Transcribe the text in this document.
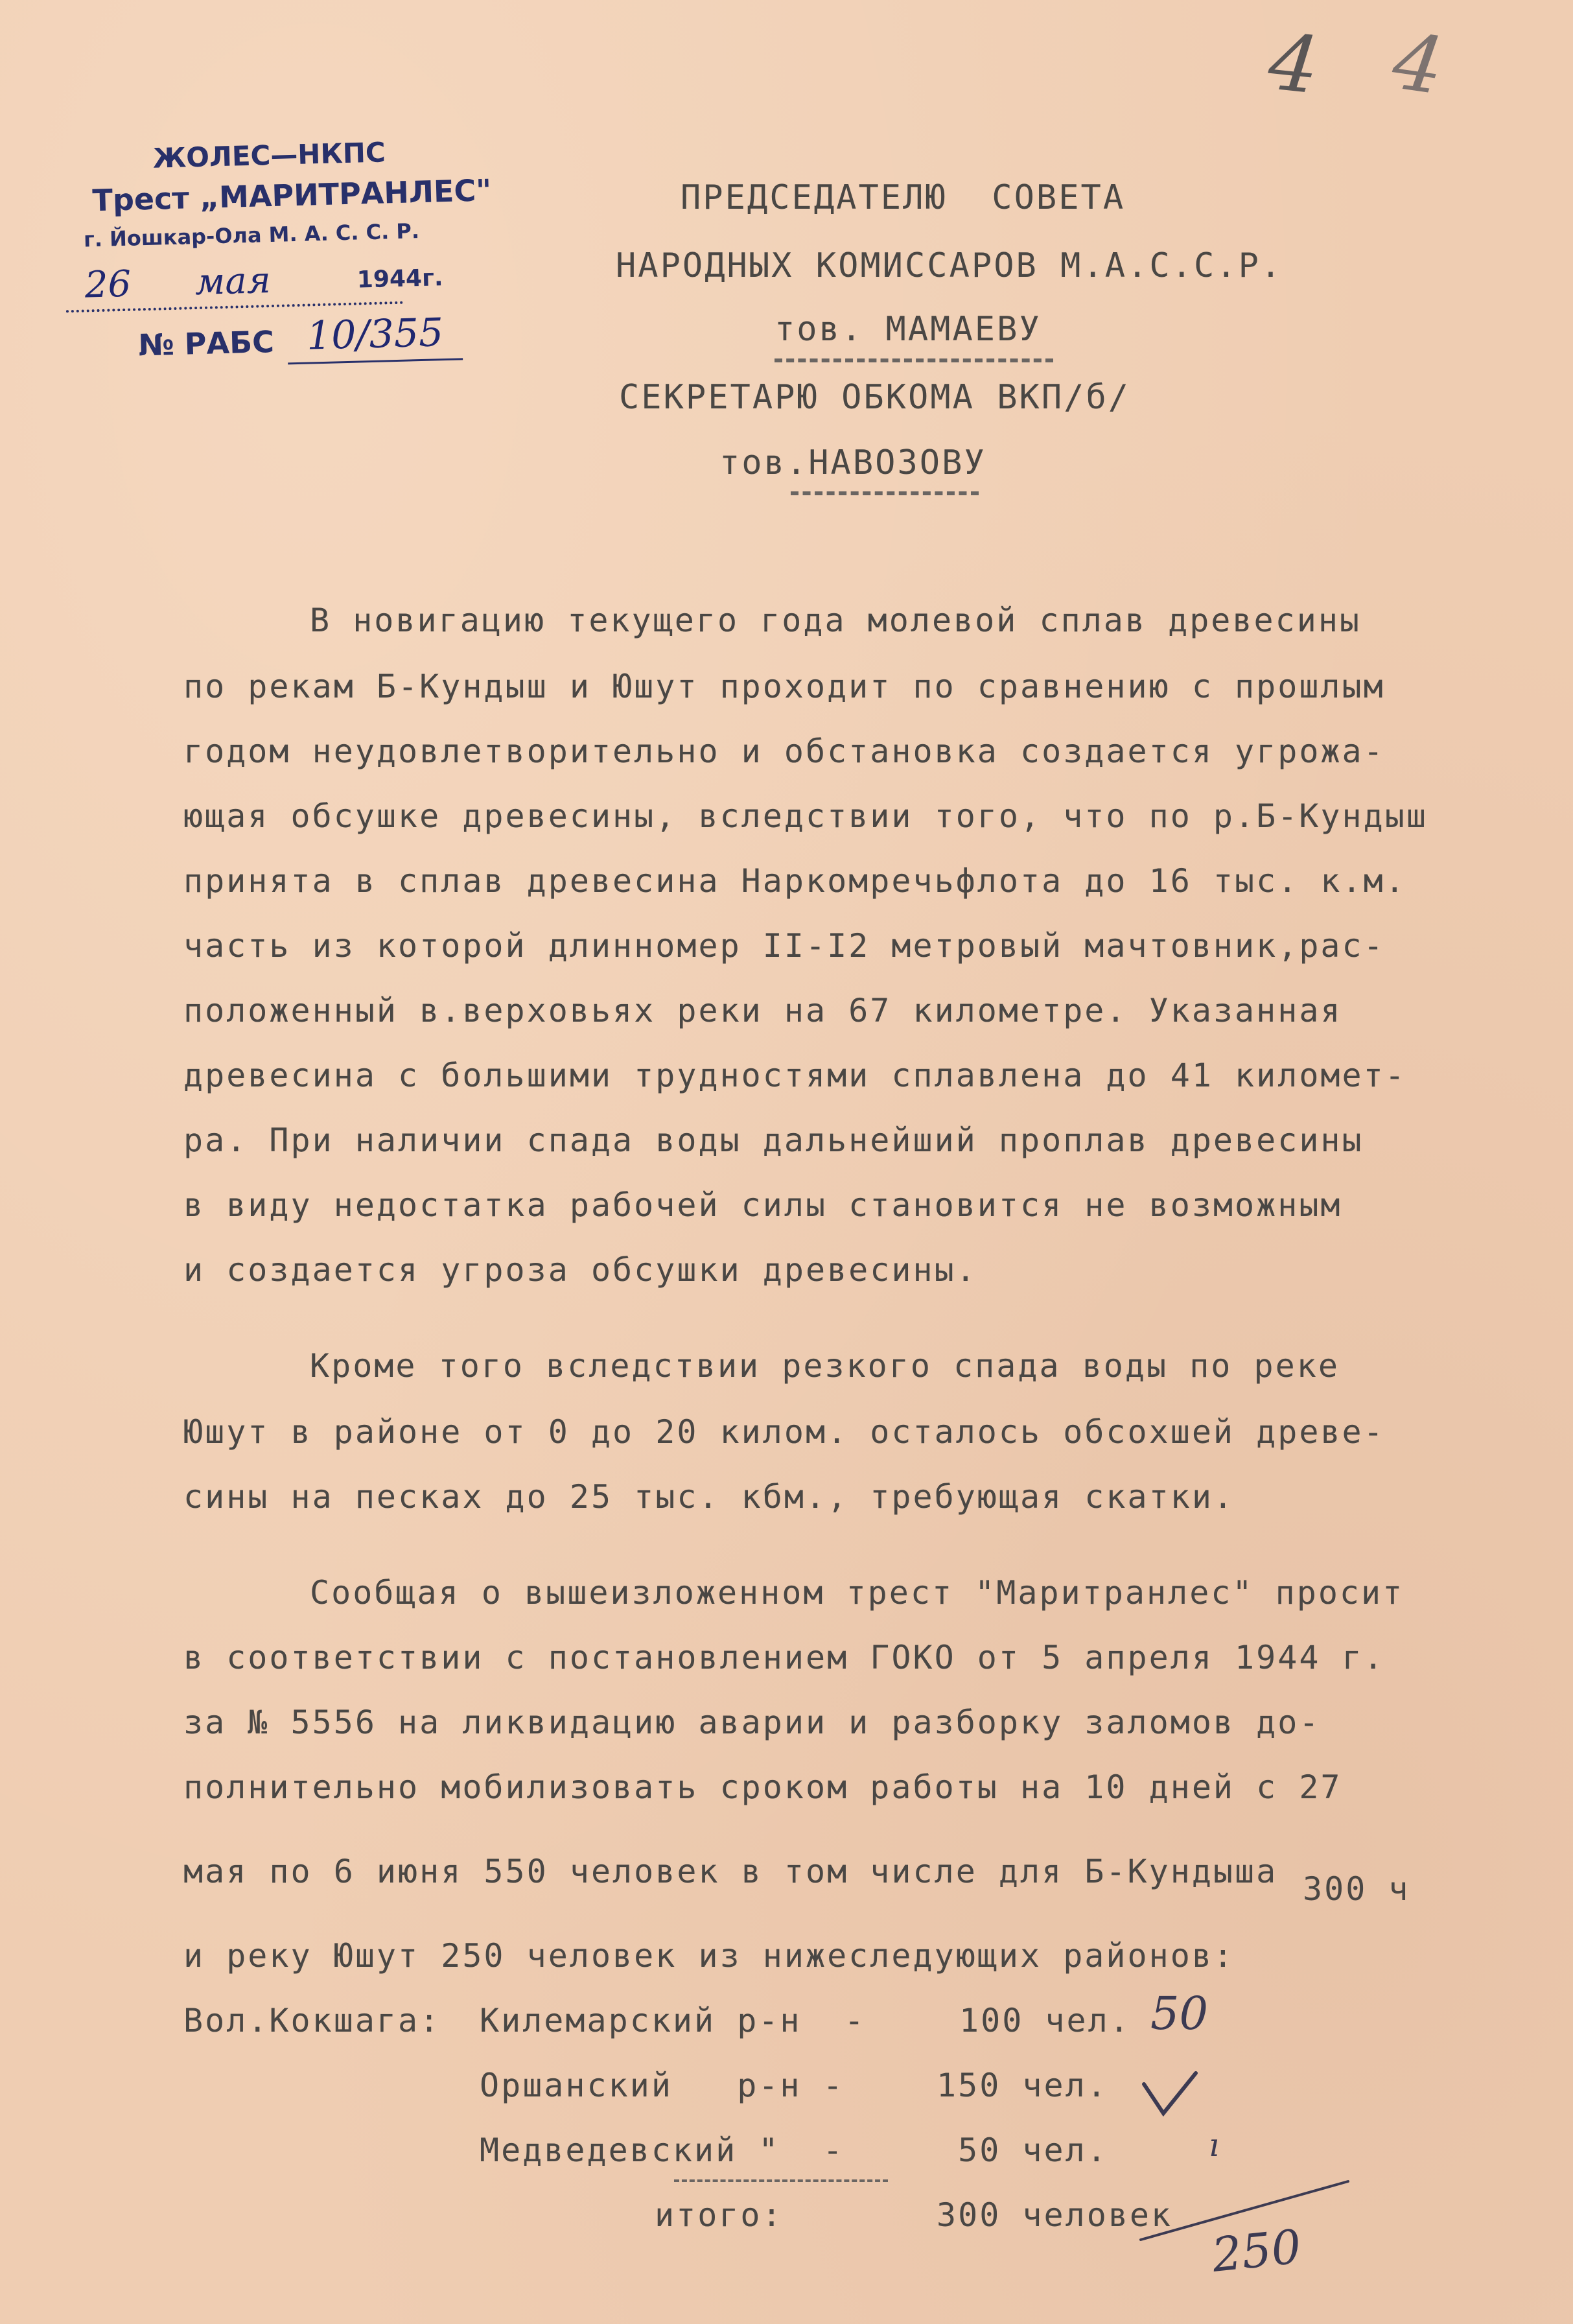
4 4
ЖОЛЕС—НКПС
Трест „МАРИТРАНЛЕС"
г. Йошкар-Ола М. А. С. С. Р.
26 мая	1944г.
№ РАБС 10/355
ПРЕДСЕДАТЕЛЮ  СОВЕТА
НАРОДНЫХ КОМИССАРОВ М.А.С.С.Р.
тов. МАМАЕВУ
СЕКРЕТАРЮ ОБКОМА ВКП/б/
тов.НАВОЗОВУ
В новигацию текущего года молевой сплав древесины
по рекам Б-Кундыш и Юшут проходит по сравнению с прошлым
годом неудовлетворительно и обстановка создается угрожа-
ющая обсушке древесины, вследствии того, что по р.Б-Кундыш
принята в сплав древесина Наркомречьфлота до 16 тыс. к.м.
часть из которой длинномер II-I2 метровый мачтовник,рас-
положенный в.верховьях реки на 67 километре. Указанная
древесина с большими трудностями сплавлена до 41 километ-
ра. При наличии спада воды дальнейший проплав древесины
в виду недостатка рабочей силы становится не возможным
и создается угроза обсушки древесины.
Кроме того вследствии резкого спада воды по реке
Юшут в районе от 0 до 20 килом. осталось обсохшей древе-
сины на песках до 25 тыс. кбм., требующая скатки.
Сообщая о вышеизложенном трест "Маритранлес" просит
в соответствии с постановлением ГОКО от 5 апреля 1944 г.
за № 5556 на ликвидацию аварии и разборку заломов до-
полнительно мобилизовать сроком работы на 10 дней с 27
мая по 6 июня 550 человек в том числе для Б-Кундыша 300 ч
и реку Юшут 250 человек из нижеследующих районов:
Вол.Кокшага: Килемарский р-н  -	100 чел.
Оршанский   р-н -	150 чел.
Медведевский "  -	50 чел.
итого:	300 человек
50
ı
250
